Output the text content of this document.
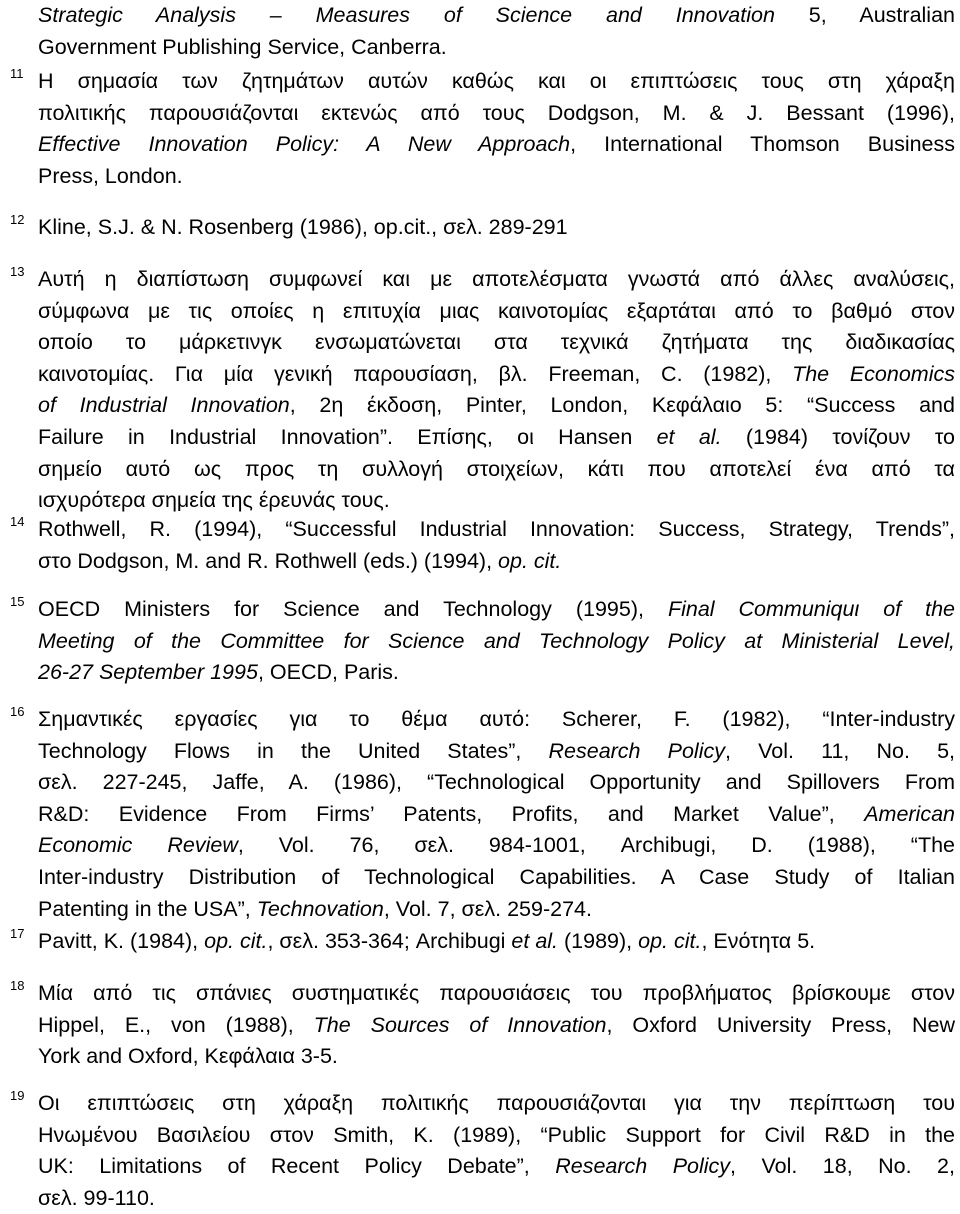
Strategic Analysis – Measures of Science and Innovation 5, Australian
Government Publishing Service, Canberra.
11 Η σημασία των ζητημάτων αυτών καθώς και οι επιπτώσεις τους στη χάραξη
πολιτικής παρουσιάζονται εκτενώς από τους Dodgson, M. & J. Bessant (1996),
Effective Innovation Policy: A New Approach, International Thomson Business
Press, London.
12 Kline, S.J. & N. Rosenberg (1986), op.cit., σελ. 289-291
13 Αυτή η διαπίστωση συμφωνεί και με αποτελέσματα γνωστά από άλλες αναλύσεις,
σύμφωνα με τις οποίες η επιτυχία μιας καινοτομίας εξαρτάται από το βαθμό στον
οποίο το μάρκετινγκ ενσωματώνεται στα τεχνικά ζητήματα της διαδικασίας
καινοτομίας. Για μία γενική παρουσίαση, βλ. Freeman, C. (1982), The Economics
of Industrial Innovation, 2η έκδοση, Pinter, London, Κεφάλαιο 5: “Success and
Failure in Industrial Innovation”. Επίσης, οι Hansen et al. (1984) τονίζουν το
σημείο αυτό ως προς τη συλλογή στοιχείων, κάτι που αποτελεί ένα από τα
ισχυρότερα σημεία της έρευνάς τους.
14 Rothwell, R. (1994), “Successful Industrial Innovation: Success, Strategy, Trends”,
στο Dodgson, M. and R. Rothwell (eds.) (1994), op. cit.
15 OECD Ministers for Science and Technology (1995), Final Communiquι of the
Meeting of the Committee for Science and Technology Policy at Ministerial Level,
26-27 September 1995, OECD, Paris.
16 Σημαντικές εργασίες για το θέμα αυτό: Scherer, F. (1982), “Inter-industry
Technology Flows in the United States”, Research Policy, Vol. 11, No. 5,
σελ. 227-245, Jaffe, A. (1986), “Technological Opportunity and Spillovers From
R&D: Evidence From Firms’ Patents, Profits, and Market Value”, American
Economic Review, Vol. 76, σελ. 984-1001, Archibugi, D. (1988), “The
Inter-industry Distribution of Technological Capabilities. A Case Study of Italian
Patenting in the USA”, Technovation, Vol. 7, σελ. 259-274.
17 Pavitt, K. (1984), op. cit., σελ. 353-364; Archibugi et al. (1989), op. cit., Ενότητα 5.
18 Μία από τις σπάνιες συστηματικές παρουσιάσεις του προβλήματος βρίσκουμε στον
Hippel, E., von (1988), The Sources of Innovation, Oxford University Press, New
York and Oxford, Κεφάλαια 3-5.
19 Οι επιπτώσεις στη χάραξη πολιτικής παρουσιάζονται για την περίπτωση του
Ηνωμένου Βασιλείου στον Smith, K. (1989), “Public Support for Civil R&D in the
UK: Limitations of Recent Policy Debate”, Research Policy, Vol. 18, No. 2,
σελ. 99-110.
